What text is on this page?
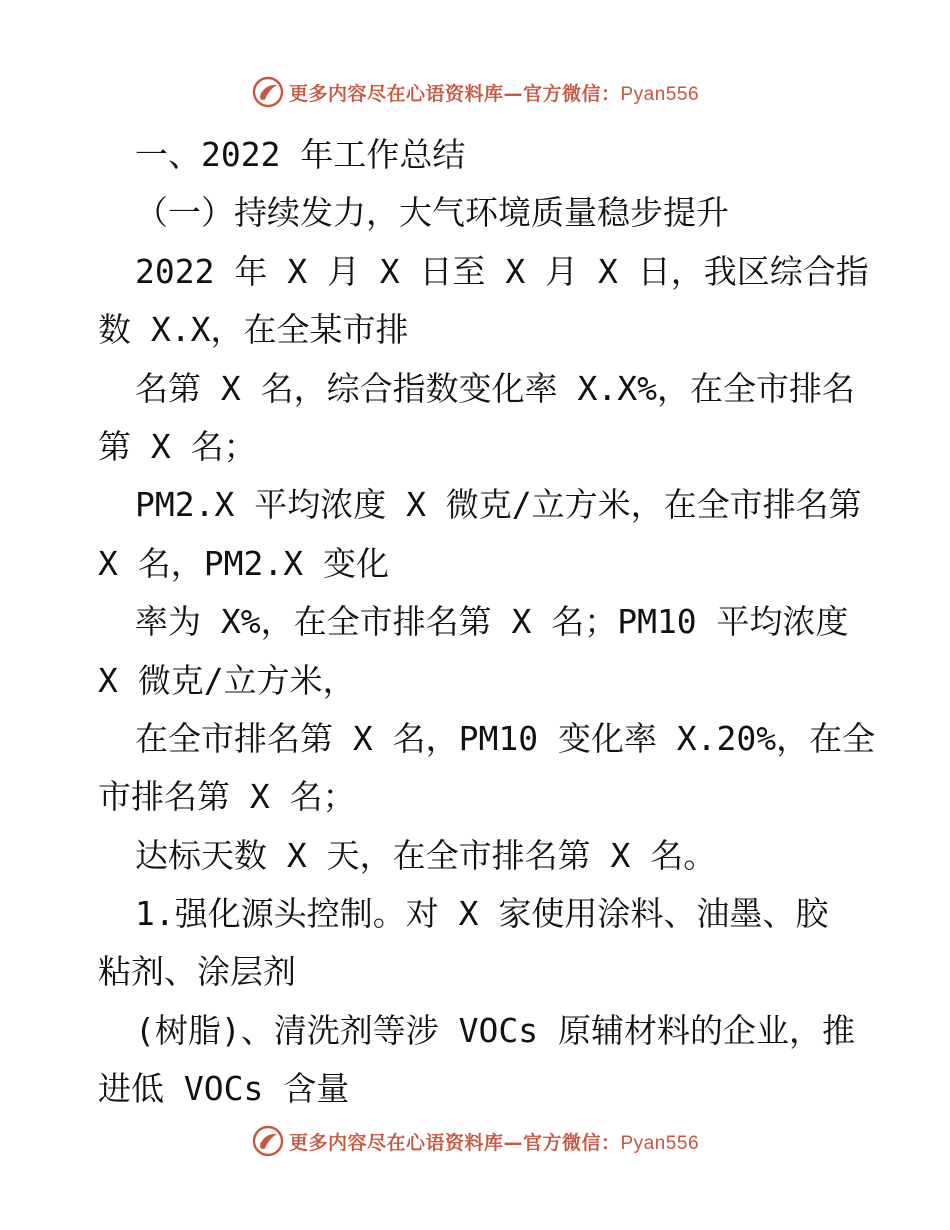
更多内容尽在心语资料库—官方微信：Pyan556
一、2022 年工作总结
（一）持续发力，大气环境质量稳步提升
2022 年 X 月 X 日至 X 月 X 日，我区综合指
数 X.X，在全某市排
名第 X 名，综合指数变化率 X.X%，在全市排名
第 X 名；
PM2.X 平均浓度 X 微克/立方米，在全市排名第
X 名，PM2.X 变化
率为 X%，在全市排名第 X 名；PM10 平均浓度
X 微克/立方米，
在全市排名第 X 名，PM10 变化率 X.20%，在全
市排名第 X 名；
达标天数 X 天，在全市排名第 X 名。
1.强化源头控制。对 X 家使用涂料、油墨、胶
粘剂、涂层剂
(树脂)、清洗剂等涉 VOCs 原辅材料的企业，推
进低 VOCs 含量
更多内容尽在心语资料库—官方微信：Pyan556
